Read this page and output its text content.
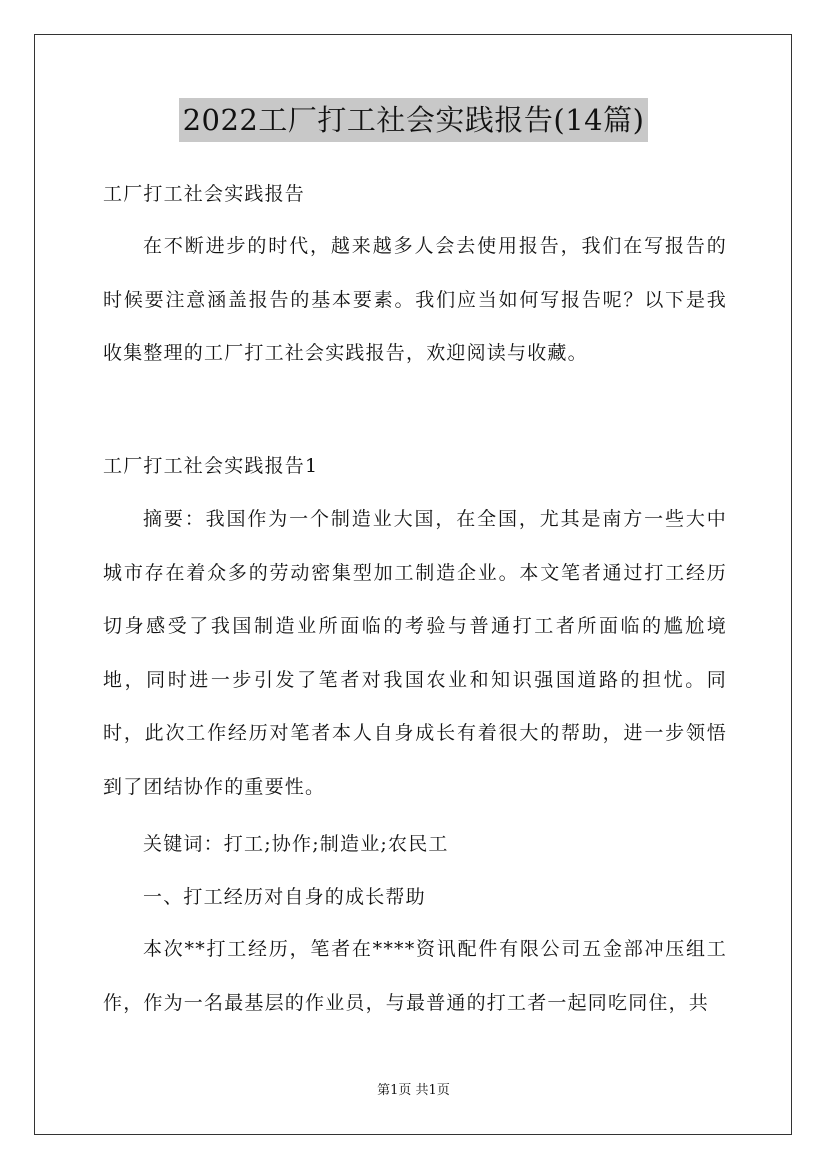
2022工厂打工社会实践报告(14篇)

工厂打工社会实践报告

在不断进步的时代，越来越多人会去使用报告，我们在写报告的时候要注意涵盖报告的基本要素。我们应当如何写报告呢？以下是我收集整理的工厂打工社会实践报告，欢迎阅读与收藏。

工厂打工社会实践报告1

摘要：我国作为一个制造业大国，在全国，尤其是南方一些大中城市存在着众多的劳动密集型加工制造企业。本文笔者通过打工经历切身感受了我国制造业所面临的考验与普通打工者所面临的尴尬境地，同时进一步引发了笔者对我国农业和知识强国道路的担忧。同时，此次工作经历对笔者本人自身成长有着很大的帮助，进一步领悟到了团结协作的重要性。

关键词：打工;协作;制造业;农民工

一、打工经历对自身的成长帮助

本次**打工经历，笔者在****资讯配件有限公司五金部冲压组工作，作为一名最基层的作业员，与最普通的打工者一起同吃同住，共

第1页 共1页
